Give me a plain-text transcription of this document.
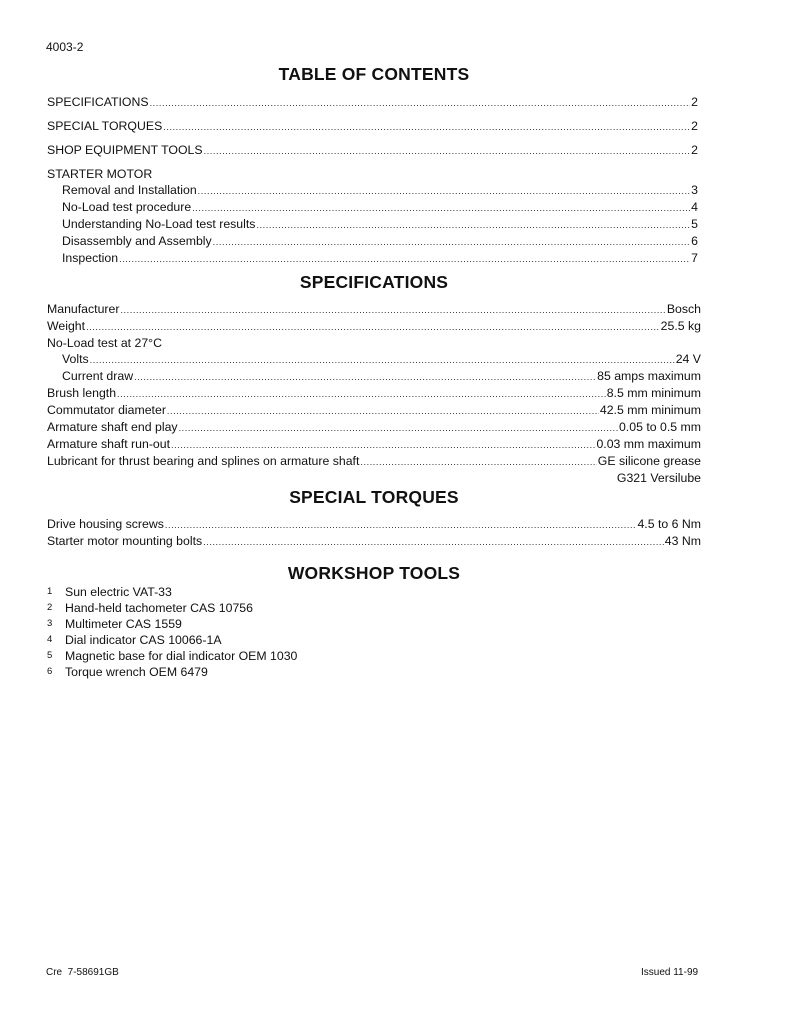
4003-2
TABLE OF CONTENTS
SPECIFICATIONS .....	2
SPECIAL TORQUES .....	2
SHOP EQUIPMENT TOOLS .....	2
STARTER MOTOR
Removal and Installation .....	3
No-Load test procedure .....	4
Understanding No-Load test results .....	5
Disassembly and Assembly .....	6
Inspection .....	7
SPECIFICATIONS
Manufacturer .....	Bosch
Weight .....	25.5 kg
No-Load test at 27°C
Volts .....	24 V
Current draw .....	85 amps maximum
Brush length .....	8.5 mm minimum
Commutator diameter .....	42.5 mm minimum
Armature shaft end play .....	0.05 to 0.5 mm
Armature shaft run-out .....	0.03 mm maximum
Lubricant for thrust bearing and splines on armature shaft .....	GE silicone grease
G321 Versilube
SPECIAL TORQUES
Drive housing screws .....	4.5 to 6 Nm
Starter motor mounting bolts .....	43 Nm
WORKSHOP TOOLS
1	Sun electric VAT-33
2	Hand-held tachometer CAS 10756
3	Multimeter CAS 1559
4	Dial indicator CAS 10066-1A
5	Magnetic base for dial indicator OEM 1030
6	Torque wrench OEM 6479
Cre  7-58691GB	Issued 11-99
